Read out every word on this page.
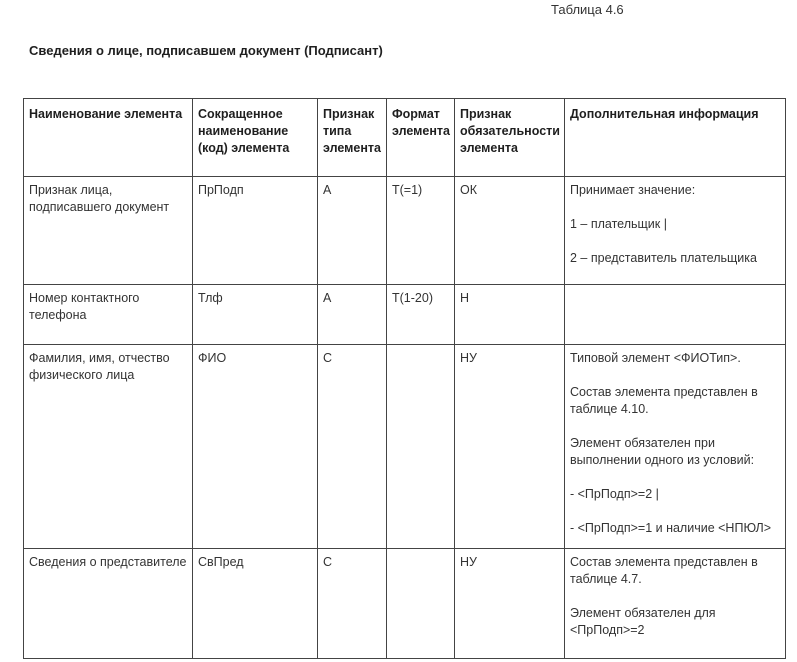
Таблица 4.6
Сведения о лице, подписавшем документ (Подписант)
Наименование элемента	Сокращенное наименование (код) элемента	Признак типа элемента	Формат элемента	Признак обязательности элемента	Дополнительная информация
Признак лица, подписавшего документ	ПрПодп	А	Т(=1)	ОК	Принимает значение:

1 – плательщик |

2 – представитель плательщика

Номер контактного телефона	Тлф	А	Т(1-20)	Н	
Фамилия, имя, отчество физического лица	ФИО	С		НУ	Типовой элемент <ФИОТип>.

Состав элемента представлен в таблице 4.10.

Элемент обязателен при выполнении одного из условий:

- <ПрПодп>=2 |

- <ПрПодп>=1 и наличие <НПЮЛ>

Сведения о представителе	СвПред	С		НУ	Состав элемента представлен в таблице 4.7.

Элемент обязателен для <ПрПодп>=2
